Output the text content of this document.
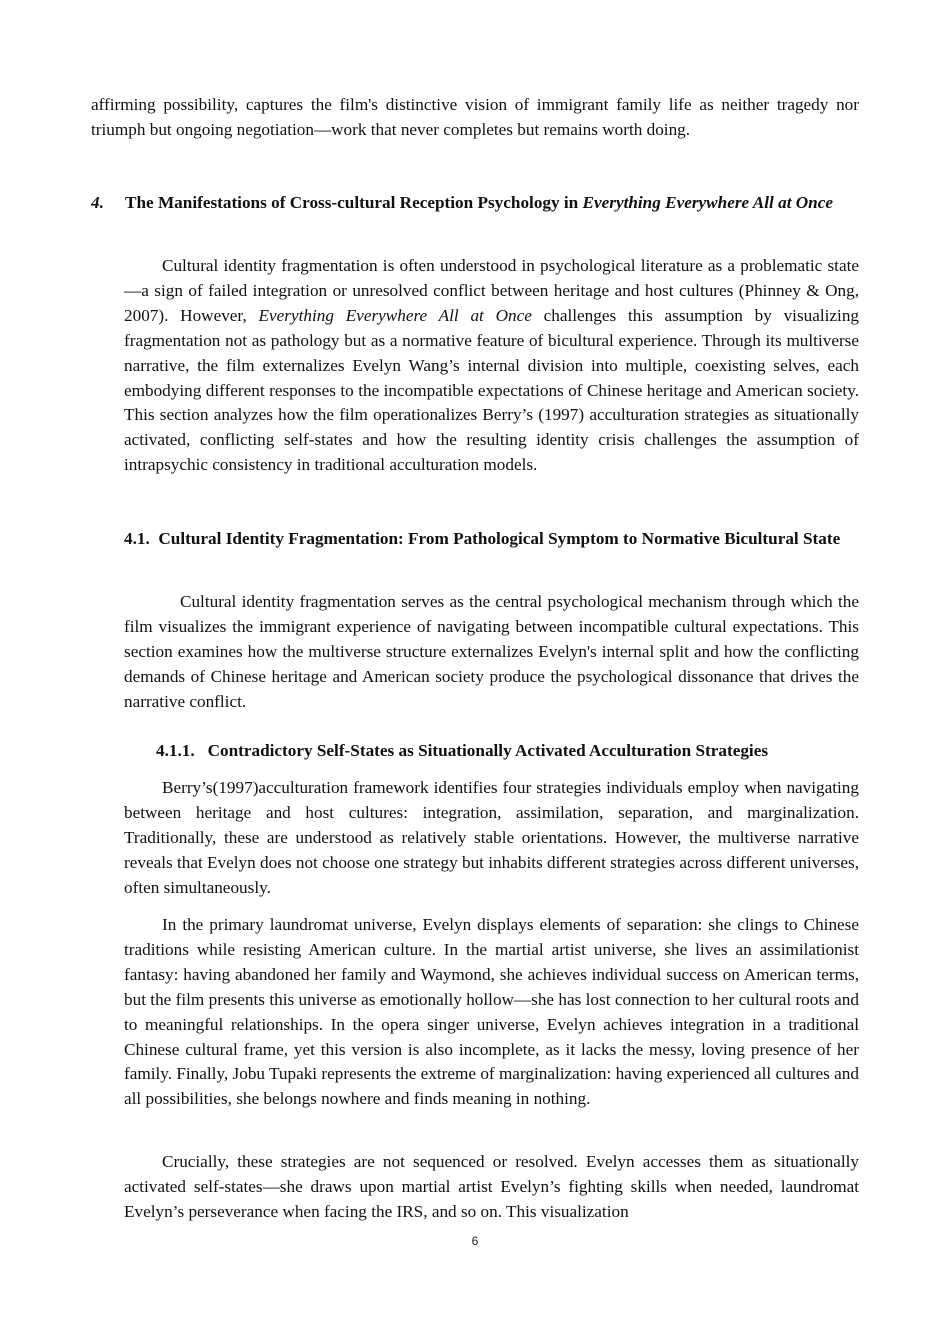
affirming possibility, captures the film's distinctive vision of immigrant family life as neither tragedy nor triumph but ongoing negotiation—work that never completes but remains worth doing.

4. The Manifestations of Cross-cultural Reception Psychology in Everything Everywhere All at Once

Cultural identity fragmentation is often understood in psychological literature as a problematic state—a sign of failed integration or unresolved conflict between heritage and host cultures (Phinney & Ong, 2007). However, Everything Everywhere All at Once challenges this assumption by visualizing fragmentation not as pathology but as a normative feature of bicultural experience. Through its multiverse narrative, the film externalizes Evelyn Wang’s internal division into multiple, coexisting selves, each embodying different responses to the incompatible expectations of Chinese heritage and American society. This section analyzes how the film operationalizes Berry’s (1997) acculturation strategies as situationally activated, conflicting self-states and how the resulting identity crisis challenges the assumption of intrapsychic consistency in traditional acculturation models.

4.1. Cultural Identity Fragmentation: From Pathological Symptom to Normative Bicultural State

Cultural identity fragmentation serves as the central psychological mechanism through which the film visualizes the immigrant experience of navigating between incompatible cultural expectations. This section examines how the multiverse structure externalizes Evelyn's internal split and how the conflicting demands of Chinese heritage and American society produce the psychological dissonance that drives the narrative conflict.

4.1.1. Contradictory Self-States as Situationally Activated Acculturation Strategies

Berry’s(1997)acculturation framework identifies four strategies individuals employ when navigating between heritage and host cultures: integration, assimilation, separation, and marginalization. Traditionally, these are understood as relatively stable orientations. However, the multiverse narrative reveals that Evelyn does not choose one strategy but inhabits different strategies across different universes, often simultaneously.

In the primary laundromat universe, Evelyn displays elements of separation: she clings to Chinese traditions while resisting American culture. In the martial artist universe, she lives an assimilationist fantasy: having abandoned her family and Waymond, she achieves individual success on American terms, but the film presents this universe as emotionally hollow—she has lost connection to her cultural roots and to meaningful relationships. In the opera singer universe, Evelyn achieves integration in a traditional Chinese cultural frame, yet this version is also incomplete, as it lacks the messy, loving presence of her family. Finally, Jobu Tupaki represents the extreme of marginalization: having experienced all cultures and all possibilities, she belongs nowhere and finds meaning in nothing.

Crucially, these strategies are not sequenced or resolved. Evelyn accesses them as situationally activated self-states—she draws upon martial artist Evelyn’s fighting skills when needed, laundromat Evelyn’s perseverance when facing the IRS, and so on. This visualization

6
